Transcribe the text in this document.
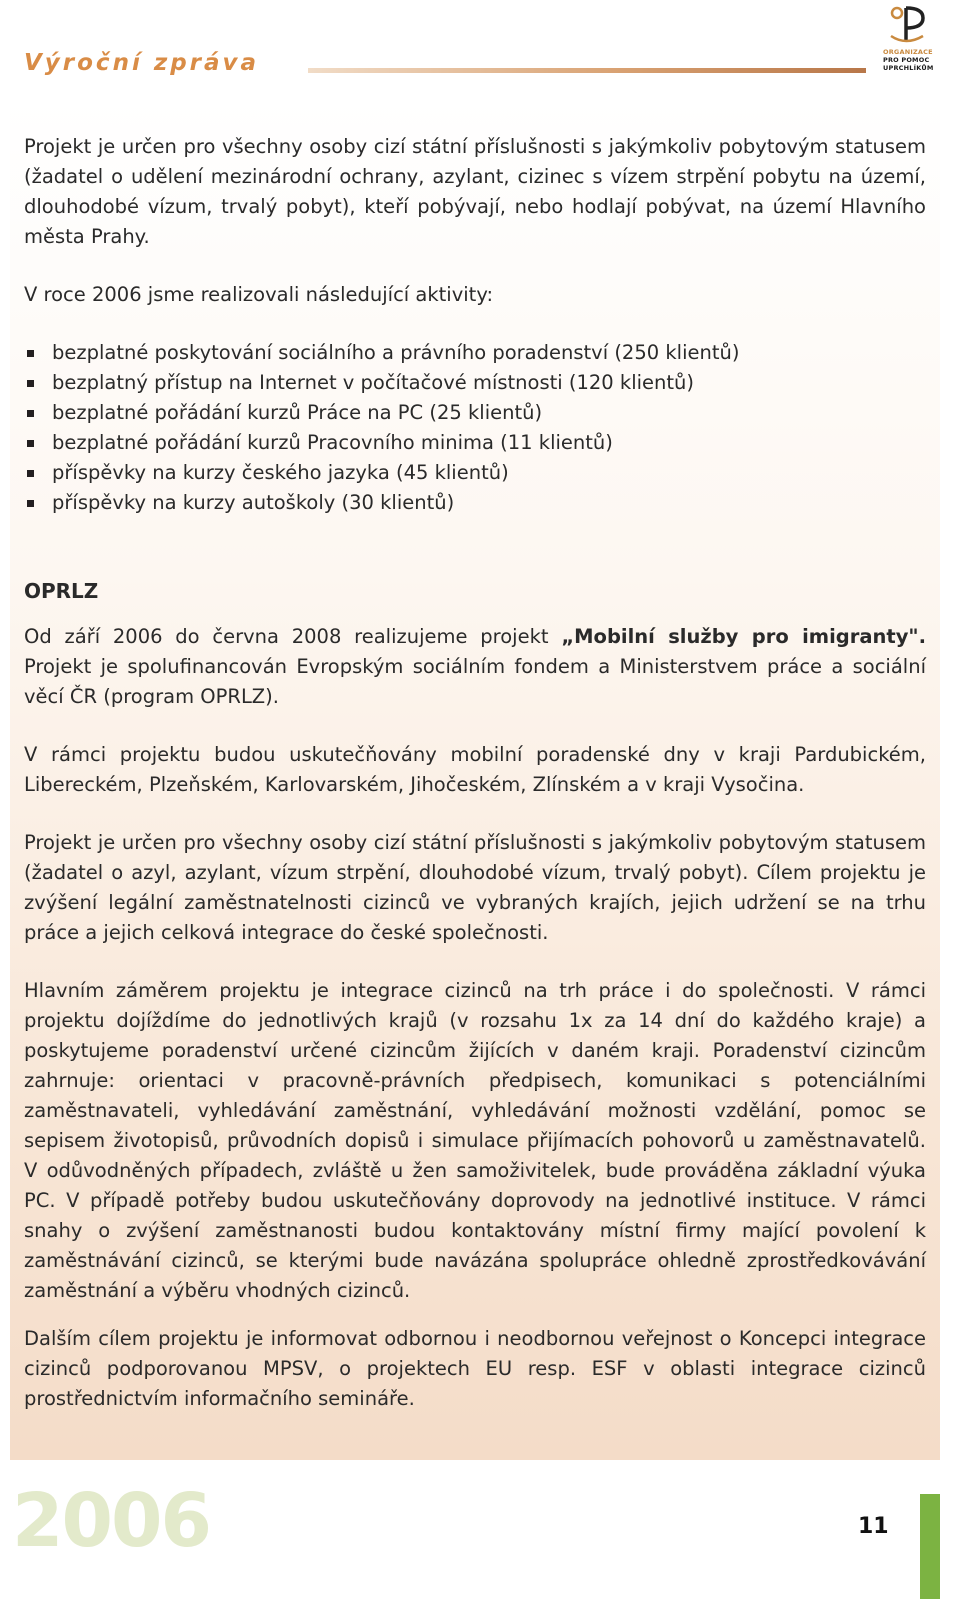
Výroční zpráva	ORGANIZACE
PRO POMOC
UPRCHLÍKŮM

Projekt je určen pro všechny osoby cizí státní příslušnosti s jakýmkoliv pobytovým statusem (žadatel o udělení mezinárodní ochrany, azylant, cizinec s vízem strpění pobytu na území, dlouhodobé vízum, trvalý pobyt), kteří pobývají, nebo hodlají pobývat, na území Hlavního města Prahy.

V roce 2006 jsme realizovali následující aktivity:

bezplatné poskytování sociálního a právního poradenství (250 klientů)
bezplatný přístup na Internet v počítačové místnosti (120 klientů)
bezplatné pořádání kurzů Práce na PC (25 klientů)
bezplatné pořádání kurzů Pracovního minima (11 klientů)
příspěvky na kurzy českého jazyka (45 klientů)
příspěvky na kurzy autoškoly (30 klientů)
OPRLZ

Od září 2006 do června 2008 realizujeme projekt „Mobilní služby pro imigranty". Projekt je spolufinancován Evropským sociálním fondem a Ministerstvem práce a sociální věcí ČR (program OPRLZ).

V rámci projektu budou uskutečňovány mobilní poradenské dny v kraji Pardubickém, Libereckém, Plzeňském, Karlovarském, Jihočeském, Zlínském a v kraji Vysočina.

Projekt je určen pro všechny osoby cizí státní příslušnosti s jakýmkoliv pobytovým statusem (žadatel o azyl, azylant, vízum strpění, dlouhodobé vízum, trvalý pobyt). Cílem projektu je zvýšení legální zaměstnatelnosti cizinců ve vybraných krajích, jejich udržení se na trhu práce a jejich celková integrace do české společnosti.

Hlavním záměrem projektu je integrace cizinců na trh práce i do společnosti. V rámci projektu dojíždíme do jednotlivých krajů (v rozsahu 1x za 14 dní do každého kraje) a poskytujeme poradenství určené cizincům žijících v daném kraji. Poradenství cizincům zahrnuje: orientaci v pracovně-právních předpisech, komunikaci s potenciálními zaměstnavateli, vyhledávání zaměstnání, vyhledávání možnosti vzdělání, pomoc se sepisem životopisů, průvodních dopisů i simulace přijímacích pohovorů u zaměstnavatelů. V odůvodněných případech, zvláště u žen samoživitelek, bude prováděna základní výuka PC. V případě potřeby budou uskutečňovány doprovody na jednotlivé instituce. V rámci snahy o zvýšení zaměstnanosti budou kontaktovány místní firmy mající povolení k zaměstnávání cizinců, se kterými bude navázána spolupráce ohledně zprostředkovávání zaměstnání a výběru vhodných cizinců.

Dalším cílem projektu je informovat odbornou i neodbornou veřejnost o Koncepci integrace cizinců podporovanou MPSV, o projektech EU resp. ESF v oblasti integrace cizinců prostřednictvím informačního semináře.

2006	11
